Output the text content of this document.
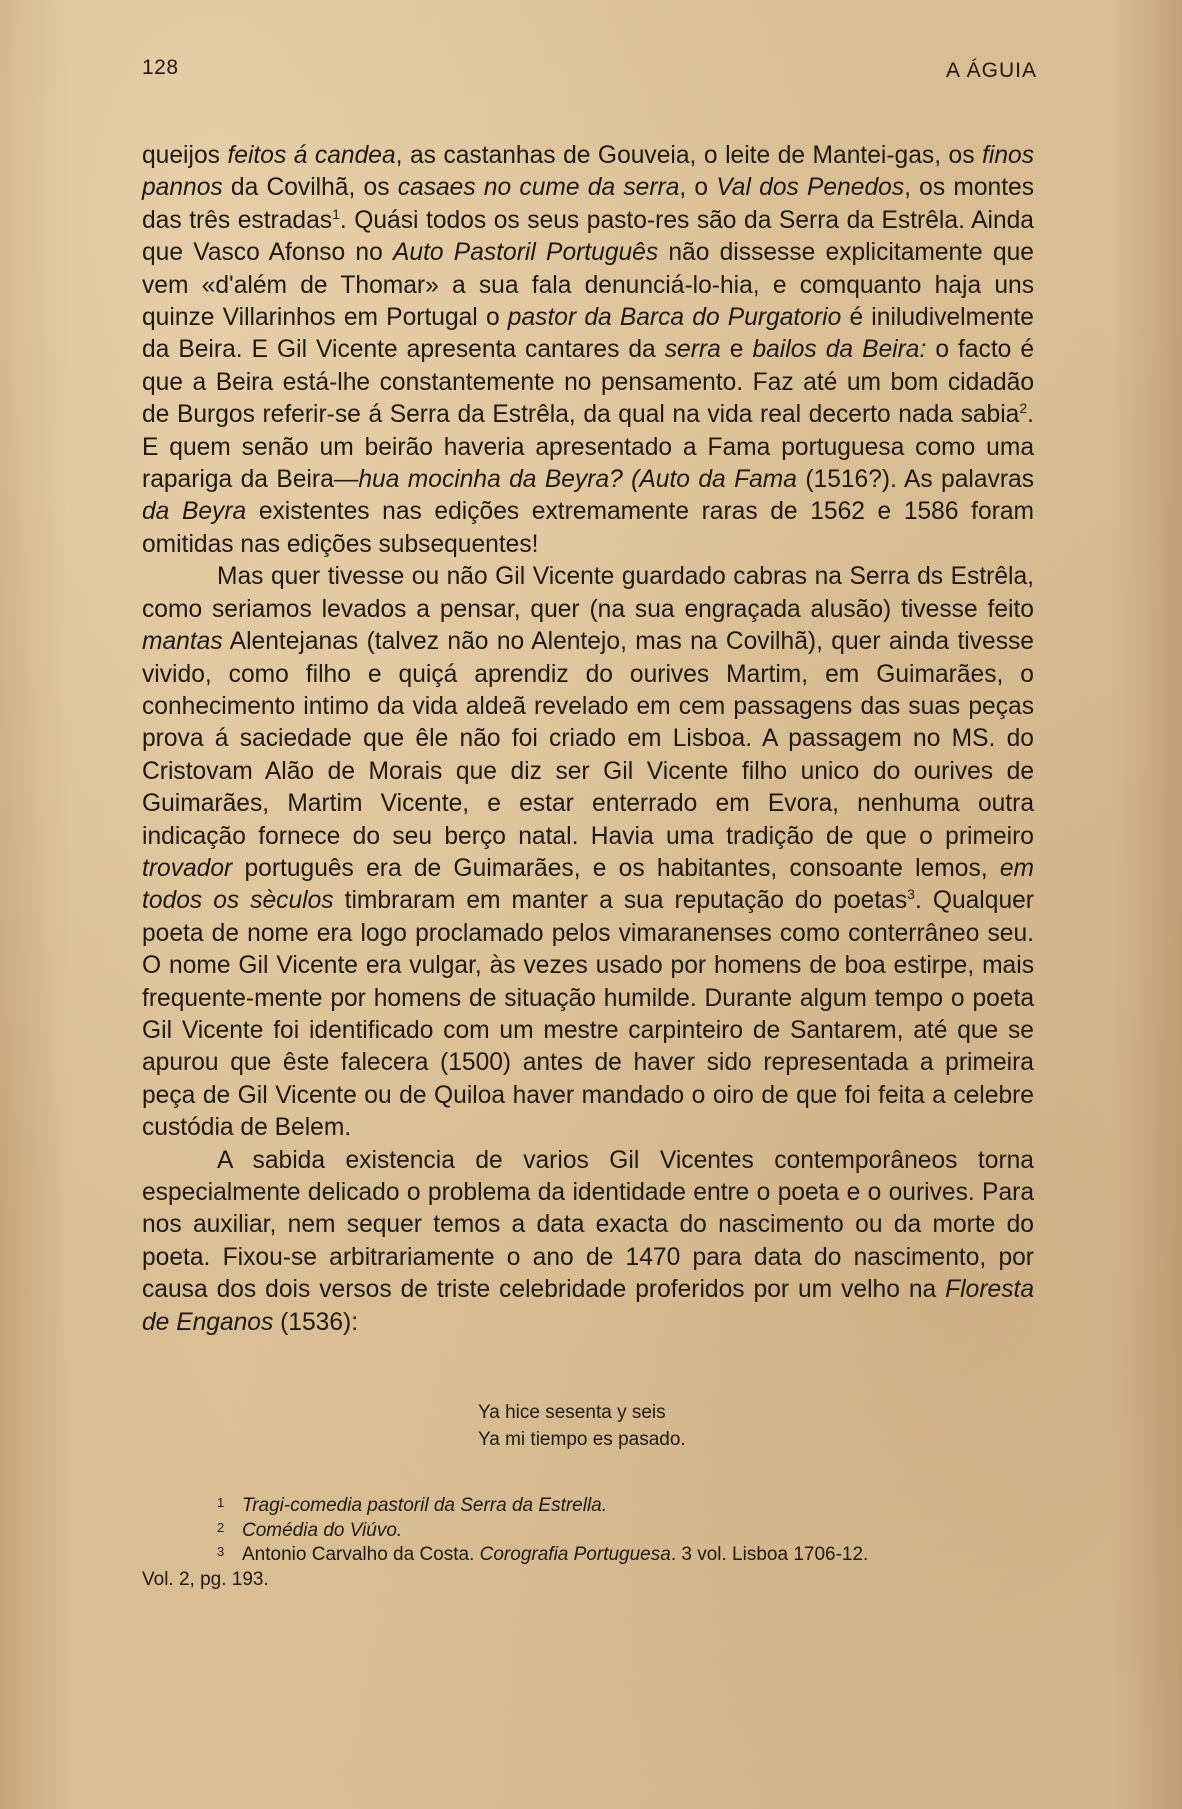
128	A ÁGUIA

queijos feitos á candea, as castanhas de Gouveia, o leite de Mantei-gas, os finos pannos da Covilhã, os casaes no cume da serra, o Val dos Penedos, os montes das três estradas$^1$. Quási todos os seus pasto-res são da Serra da Estrêla. Ainda que Vasco Afonso no Auto Pastoril Português não dissesse explicitamente que vem «d'além de Thomar» a sua fala denunciá-lo-hia, e comquanto haja uns quinze Villarinhos em Portugal o pastor da Barca do Purgatorio é iniludivelmente da Beira. E Gil Vicente apresenta cantares da serra e bailos da Beira: o facto é que a Beira está-lhe constantemente no pensamento. Faz até um bom cidadão de Burgos referir-se á Serra da Estrêla, da qual na vida real decerto nada sabia$^2$. E quem senão um beirão haveria apresentado a Fama portuguesa como uma rapariga da Beira—hua mocinha da Beyra? (Auto da Fama (1516?). As palavras da Beyra existentes nas edições extremamente raras de 1562 e 1586 foram omitidas nas edições subsequentes!

Mas quer tivesse ou não Gil Vicente guardado cabras na Serra ds Estrêla, como seriamos levados a pensar, quer (na sua engraçada alusão) tivesse feito mantas Alentejanas (talvez não no Alentejo, mas na Covilhã), quer ainda tivesse vivido, como filho e quiçá aprendiz do ourives Martim, em Guimarães, o conhecimento intimo da vida aldeã revelado em cem passagens das suas peças prova á saciedade que êle não foi criado em Lisboa. A passagem no MS. do Cristovam Alão de Morais que diz ser Gil Vicente filho unico do ourives de Guimarães, Martim Vicente, e estar enterrado em Evora, nenhuma outra indicação fornece do seu berço natal. Havia uma tradição de que o primeiro trovador português era de Guimarães, e os habitantes, consoante lemos, em todos os sèculos timbraram em manter a sua reputação do poetas$^3$. Qualquer poeta de nome era logo proclamado pelos vimaranenses como conterrâneo seu. O nome Gil Vicente era vulgar, às vezes usado por homens de boa estirpe, mais frequente-mente por homens de situação humilde. Durante algum tempo o poeta Gil Vicente foi identificado com um mestre carpinteiro de Santarem, até que se apurou que êste falecera (1500) antes de haver sido representada a primeira peça de Gil Vicente ou de Quiloa haver mandado o oiro de que foi feita a celebre custódia de Belem.

A sabida existencia de varios Gil Vicentes contemporâneos torna especialmente delicado o problema da identidade entre o poeta e o ourives. Para nos auxiliar, nem sequer temos a data exacta do nascimento ou da morte do poeta. Fixou-se arbitrariamente o ano de 1470 para data do nascimento, por causa dos dois versos de triste celebridade proferidos por um velho na Floresta de Enganos (1536):

Ya hice sesenta y seis
Ya mi tiempo es pasado.
1 Tragi-comedia pastoril da Serra da Estrella.
2 Comédia do Viúvo.
3 Antonio Carvalho da Costa. Corografia Portuguesa. 3 vol. Lisboa 1706-12.
Vol. 2, pg. 193.
